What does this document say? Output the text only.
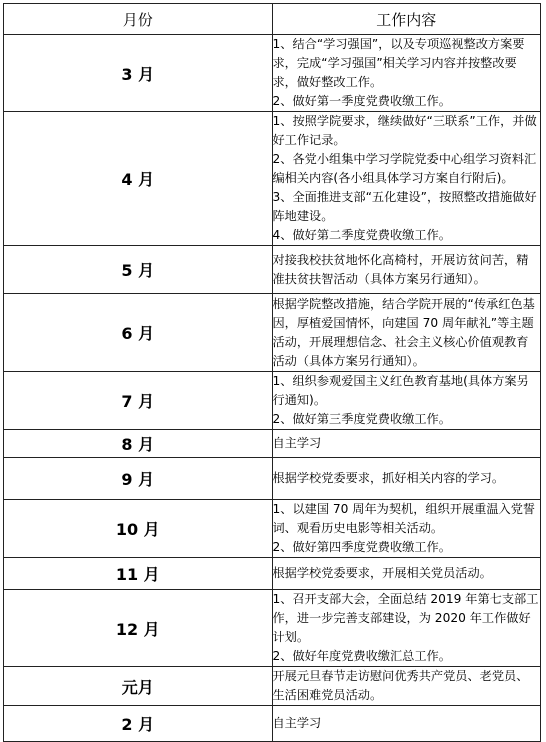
月份	工作内容
3 月	1、结合“学习强国”，以及专项巡视整改方案要求，完成“学习强国”相关学习内容并按整改要求，做好整改工作。
2、做好第一季度党费收缴工作。

4 月	1、按照学院要求，继续做好“三联系”工作，并做好工作记录。
2、各党小组集中学习学院党委中心组学习资料汇编相关内容(各小组具体学习方案自行附后)。
3、全面推进支部“五化建设”，按照整改措施做好阵地建设。
4、做好第二季度党费收缴工作。

5 月	对接我校扶贫地怀化高椅村，开展访贫问苦，精准扶贫扶智活动（具体方案另行通知）。

6 月	根据学院整改措施，结合学院开展的“传承红色基因，厚植爱国情怀，向建国 70 周年献礼”等主题活动，开展理想信念、社会主义核心价值观教育活动（具体方案另行通知）。

7 月	1、组织参观爱国主义红色教育基地(具体方案另行通知)。
2、做好第三季度党费收缴工作。

8 月	自主学习

9 月	根据学校党委要求，抓好相关内容的学习。

10 月	1、以建国 70 周年为契机，组织开展重温入党誓词、观看历史电影等相关活动。
2、做好第四季度党费收缴工作。

11 月	根据学校党委要求，开展相关党员活动。

12 月	1、召开支部大会，全面总结 2019 年第七支部工作，进一步完善支部建设，为 2020 年工作做好计划。
2、做好年度党费收缴汇总工作。

元月	开展元旦春节走访慰问优秀共产党员、老党员、生活困难党员活动。

2 月	自主学习
